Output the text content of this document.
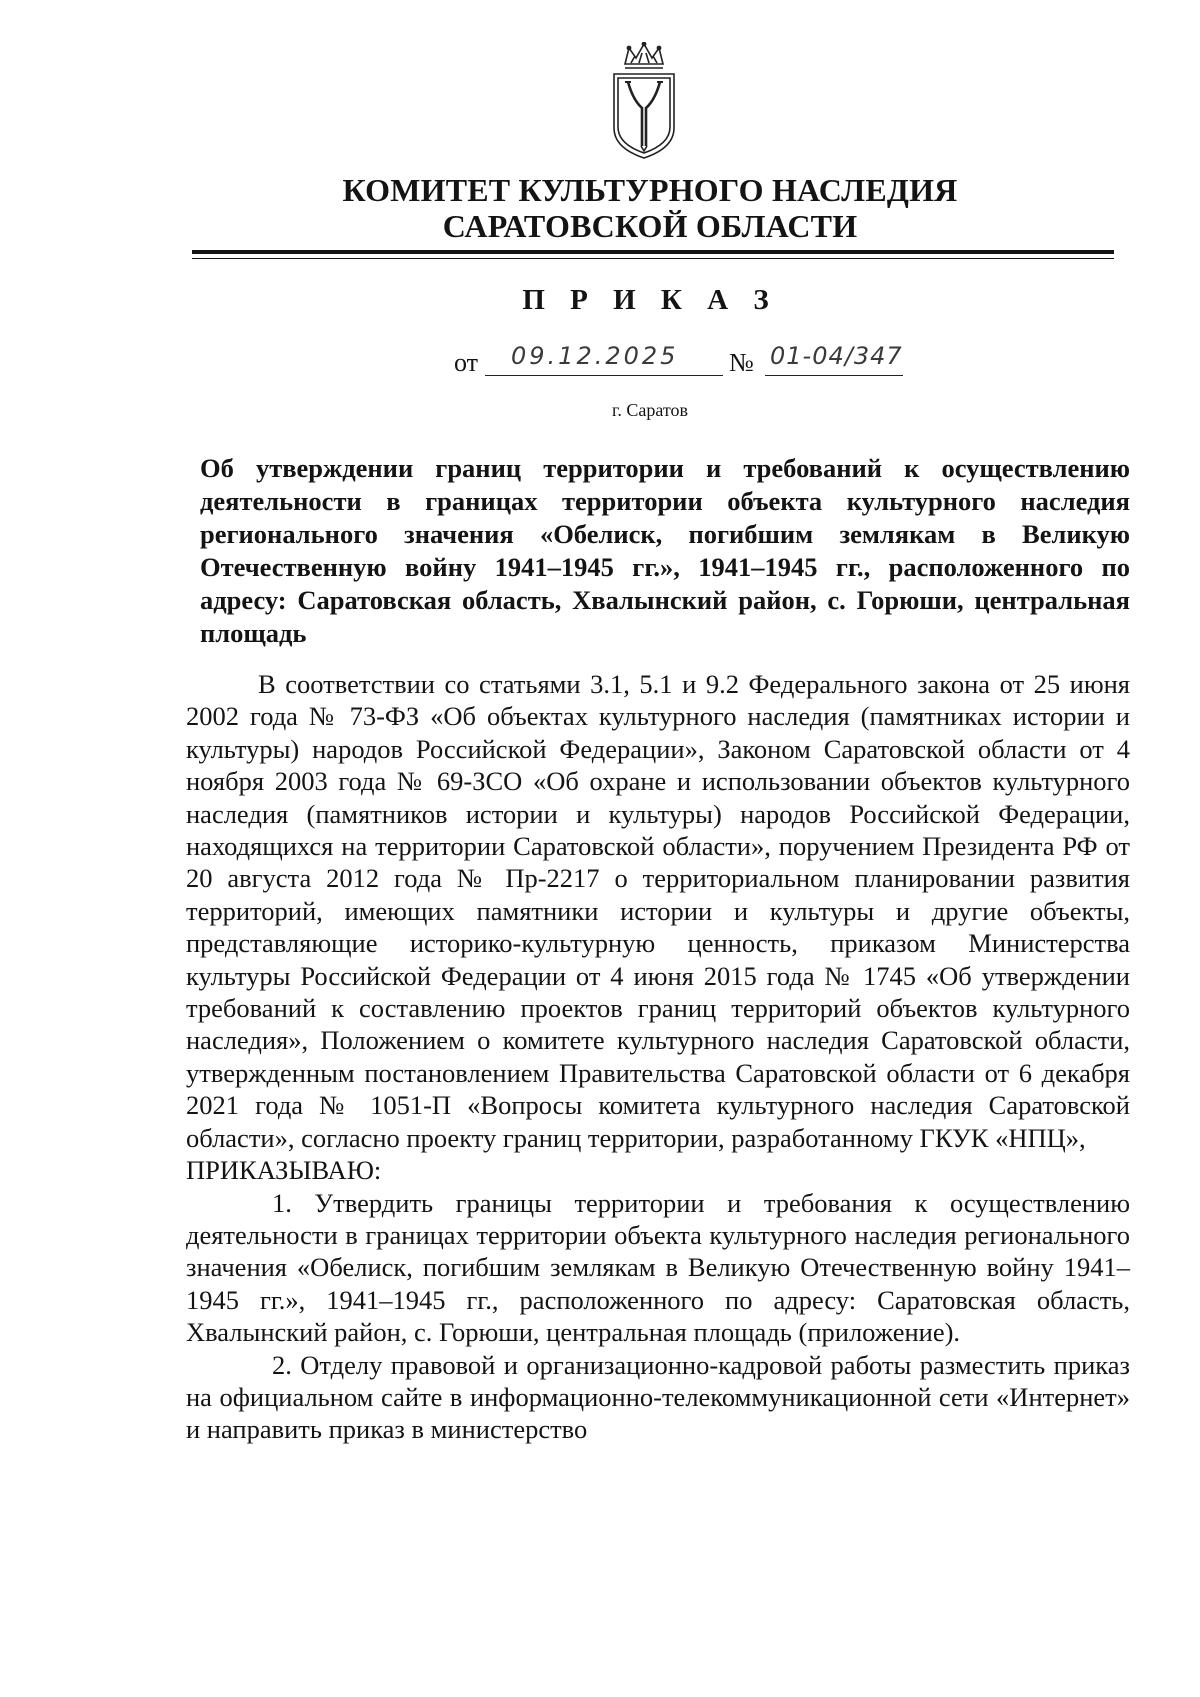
КОМИТЕТ КУЛЬТУРНОГО НАСЛЕДИЯ
САРАТОВСКОЙ ОБЛАСТИ
П Р И К А З
от 09.12.2025 № 01-04/347
г. Саратов
Об утверждении границ территории и требований к осуществлению деятельности в границах территории объекта культурного наследия регионального значения «Обелиск, погибшим землякам в Великую Отечественную войну 1941–1945 гг.», 1941–1945 гг., расположенного по адресу: Саратовская область, Хвалынский район, с. Горюши, центральная площадь

В соответствии со статьями 3.1, 5.1 и 9.2 Федерального закона от 25 июня 2002 года № 73-ФЗ «Об объектах культурного наследия (памятниках истории и культуры) народов Российской Федерации», Законом Саратовской области от 4 ноября 2003 года № 69-ЗСО «Об охране и использовании объектов культурного наследия (памятников истории и культуры) народов Российской Федерации, находящихся на территории Саратовской области», поручением Президента РФ от 20 августа 2012 года № Пр-2217 о территориальном планировании развития территорий, имеющих памятники истории и культуры и другие объекты, представляющие историко-культурную ценность, приказом Министерства культуры Российской Федерации от 4 июня 2015 года № 1745 «Об утверждении требований к составлению проектов границ территорий объектов культурного наследия», Положением о комитете культурного наследия Саратовской области, утвержденным постановлением Правительства Саратовской области от 6 декабря 2021 года № 1051-П «Вопросы комитета культурного наследия Саратовской области», согласно проекту границ территории, разработанному ГКУК «НПЦ»,

ПРИКАЗЫВАЮ:

1. Утвердить границы территории и требования к осуществлению деятельности в границах территории объекта культурного наследия регионального значения «Обелиск, погибшим землякам в Великую Отечественную войну 1941–1945 гг.», 1941–1945 гг., расположенного по адресу: Саратовская область, Хвалынский район, с. Горюши, центральная площадь (приложение).

2. Отделу правовой и организационно-кадровой работы разместить приказ на официальном сайте в информационно-телекоммуникационной сети «Интернет» и направить приказ в министерство
